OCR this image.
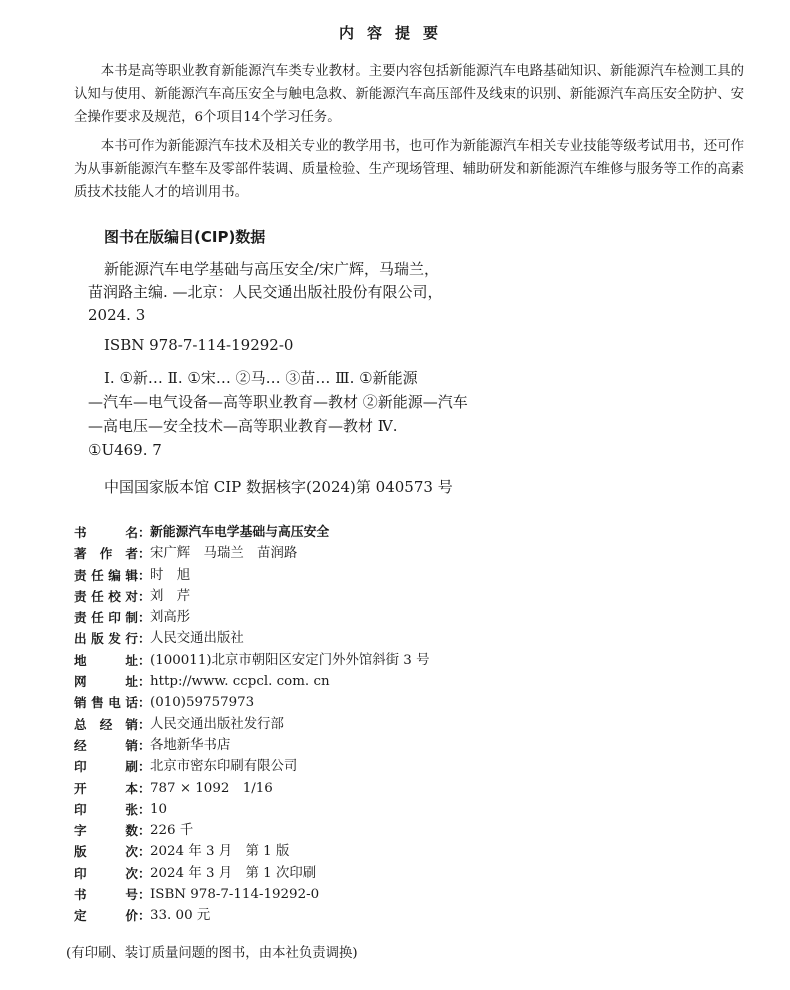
内容提要

本书是高等职业教育新能源汽车类专业教材。主要内容包括新能源汽车电路基础知识、新能源汽车检测工具的认知与使用、新能源汽车高压安全与触电急救、新能源汽车高压部件及线束的识别、新能源汽车高压安全防护、安全操作要求及规范，6个项目14个学习任务。

本书可作为新能源汽车技术及相关专业的教学用书，也可作为新能源汽车相关专业技能等级考试用书，还可作为从事新能源汽车整车及零部件装调、质量检验、生产现场管理、辅助研发和新能源汽车维修与服务等工作的高素质技术技能人才的培训用书。

图书在版编目(CIP)数据
新能源汽车电学基础与高压安全/宋广辉，马瑞兰，
苗润路主编. —北京：人民交通出版社股份有限公司，
2024. 3
ISBN 978-7-114-19292-0
Ⅰ. ①新… Ⅱ. ①宋… ②马… ③苗… Ⅲ. ①新能源
—汽车—电气设备—高等职业教育—教材 ②新能源—汽车
—高电压—安全技术—高等职业教育—教材 Ⅳ.
①U469. 7
中国国家版本馆 CIP 数据核字(2024)第 040573 号
书	名 ： 新能源汽车电学基础与高压安全
著 作 者 ： 宋广辉　马瑞兰　苗润路
责 任 编 辑 ： 时　旭
责 任 校 对 ： 刘　芹
责 任 印 制 ： 刘高彤
出 版 发 行 ： 人民交通出版社
地	址 ： (100011)北京市朝阳区安定门外外馆斜街 3 号
网	址 ： http://www. ccpcl. com. cn
销 售 电 话 ： (010)59757973
总 经 销 ： 人民交通出版社发行部
经	销 ： 各地新华书店
印	刷 ： 北京市密东印刷有限公司
开	本 ： 787 × 1092　1/16
印	张 ： 10
字	数 ： 226 千
版	次 ： 2024 年 3 月　第 1 版
印	次 ： 2024 年 3 月　第 1 次印刷
书	号 ： ISBN 978-7-114-19292-0
定	价 ： 33. 00 元
(有印刷、装订质量问题的图书，由本社负责调换)
